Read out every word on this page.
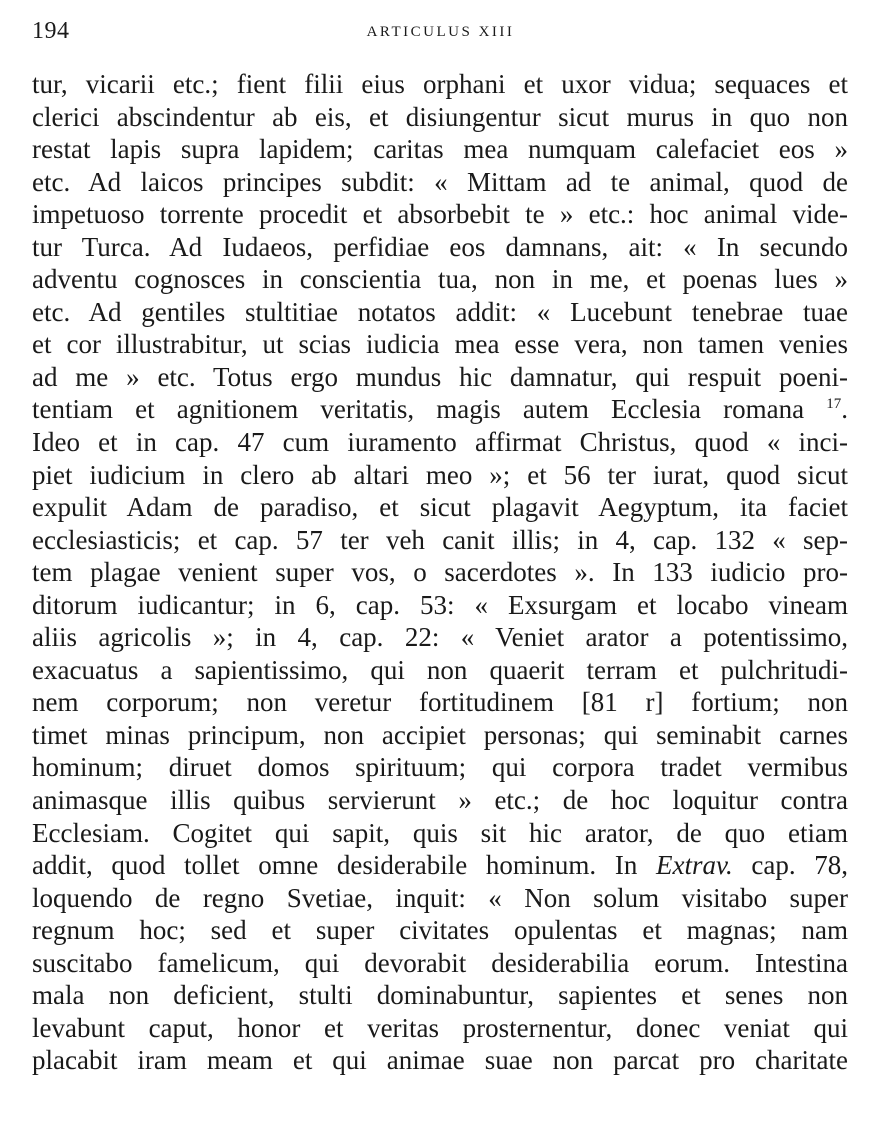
194	ARTICULUS XIII
tur, vicarii etc.; fient filii eius orphani et uxor vidua; sequaces et
clerici abscindentur ab eis, et disiungentur sicut murus in quo non
restat lapis supra lapidem; caritas mea numquam calefaciet eos »
etc. Ad laicos principes subdit: « Mittam ad te animal, quod de
impetuoso torrente procedit et absorbebit te » etc.: hoc animal vide-
tur Turca. Ad Iudaeos, perfidiae eos damnans, ait: « In secundo
adventu cognosces in conscientia tua, non in me, et poenas lues »
etc. Ad gentiles stultitiae notatos addit: « Lucebunt tenebrae tuae
et cor illustrabitur, ut scias iudicia mea esse vera, non tamen venies
ad me » etc. Totus ergo mundus hic damnatur, qui respuit poeni-
tentiam et agnitionem veritatis, magis autem Ecclesia romana $^{17}$.
Ideo et in cap. 47 cum iuramento affirmat Christus, quod « inci-
piet iudicium in clero ab altari meo »; et 56 ter iurat, quod sicut
expulit Adam de paradiso, et sicut plagavit Aegyptum, ita faciet
ecclesiasticis; et cap. 57 ter veh canit illis; in 4, cap. 132 « sep-
tem plagae venient super vos, o sacerdotes ». In 133 iudicio pro-
ditorum iudicantur; in 6, cap. 53: « Exsurgam et locabo vineam
aliis agricolis »; in 4, cap. 22: « Veniet arator a potentissimo,
exacuatus a sapientissimo, qui non quaerit terram et pulchritudi-
nem corporum; non veretur fortitudinem [81 r] fortium; non
timet minas principum, non accipiet personas; qui seminabit carnes
hominum; diruet domos spirituum; qui corpora tradet vermibus
animasque illis quibus servierunt » etc.; de hoc loquitur contra
Ecclesiam. Cogitet qui sapit, quis sit hic arator, de quo etiam
addit, quod tollet omne desiderabile hominum. In Extrav. cap. 78,
loquendo de regno Svetiae, inquit: « Non solum visitabo super
regnum hoc; sed et super civitates opulentas et magnas; nam
suscitabo famelicum, qui devorabit desiderabilia eorum. Intestina
mala non deficient, stulti dominabuntur, sapientes et senes non
levabunt caput, honor et veritas prosternentur, donec veniat qui
placabit iram meam et qui animae suae non parcat pro charitate
